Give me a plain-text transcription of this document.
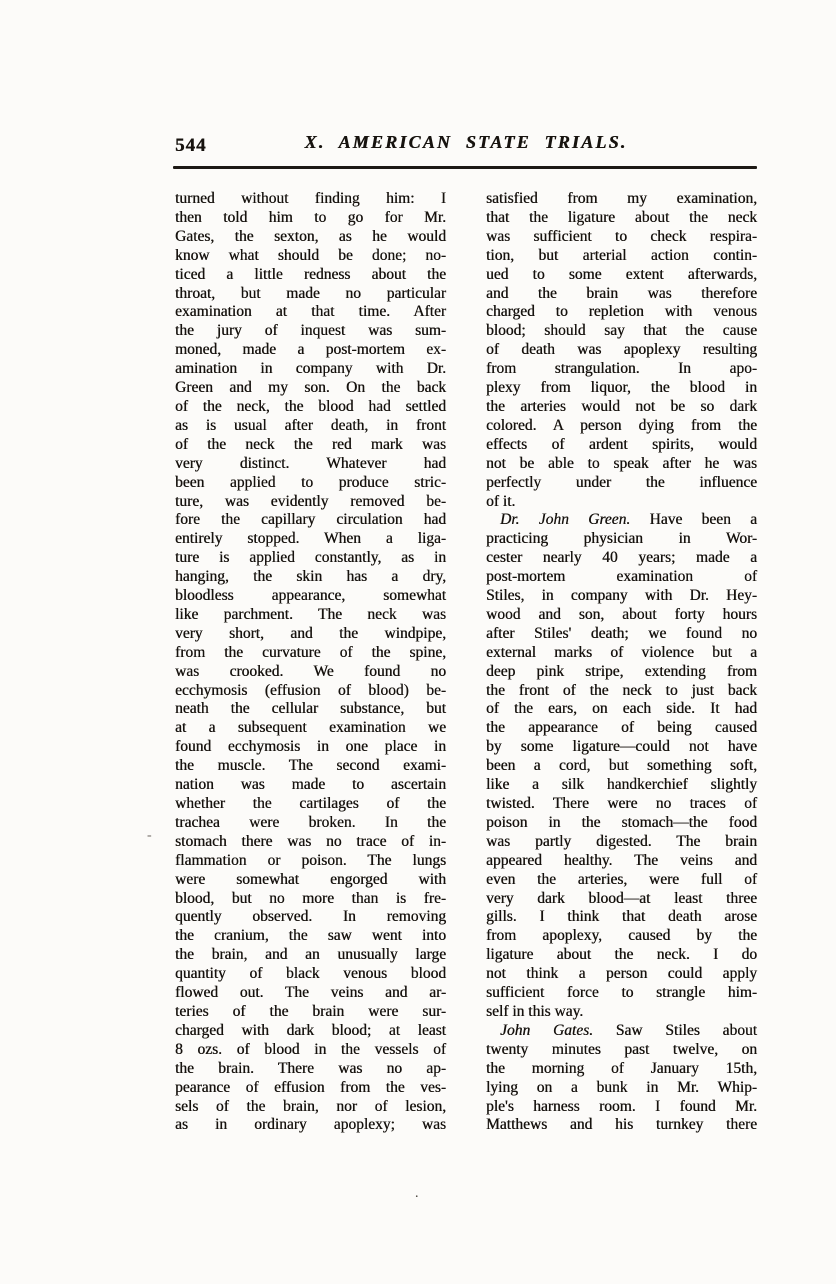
544	X. AMERICAN STATE TRIALS.
turned without finding him: I
then told him to go for Mr.
Gates, the sexton, as he would
know what should be done; no-
ticed a little redness about the
throat, but made no particular
examination at that time. After
the jury of inquest was sum-
moned, made a post-mortem ex-
amination in company with Dr.
Green and my son. On the back
of the neck, the blood had settled
as is usual after death, in front
of the neck the red mark was
very distinct. Whatever had
been applied to produce stric-
ture, was evidently removed be-
fore the capillary circulation had
entirely stopped. When a liga-
ture is applied constantly, as in
hanging, the skin has a dry,
bloodless appearance, somewhat
like parchment. The neck was
very short, and the windpipe,
from the curvature of the spine,
was crooked. We found no
ecchymosis (effusion of blood) be-
neath the cellular substance, but
at a subsequent examination we
found ecchymosis in one place in
the muscle. The second exami-
nation was made to ascertain
whether the cartilages of the
trachea were broken. In the
stomach there was no trace of in-
flammation or poison. The lungs
were somewhat engorged with
blood, but no more than is fre-
quently observed. In removing
the cranium, the saw went into
the brain, and an unusually large
quantity of black venous blood
flowed out. The veins and ar-
teries of the brain were sur-
charged with dark blood; at least
8 ozs. of blood in the vessels of
the brain. There was no ap-
pearance of effusion from the ves-
sels of the brain, nor of lesion,
as in ordinary apoplexy; was
satisfied from my examination,
that the ligature about the neck
was sufficient to check respira-
tion, but arterial action contin-
ued to some extent afterwards,
and the brain was therefore
charged to repletion with venous
blood; should say that the cause
of death was apoplexy resulting
from strangulation. In apo-
plexy from liquor, the blood in
the arteries would not be so dark
colored. A person dying from the
effects of ardent spirits, would
not be able to speak after he was
perfectly under the influence
of it.
Dr. John Green. Have been a
practicing physician in Wor-
cester nearly 40 years; made a
post-mortem examination of
Stiles, in company with Dr. Hey-
wood and son, about forty hours
after Stiles' death; we found no
external marks of violence but a
deep pink stripe, extending from
the front of the neck to just back
of the ears, on each side. It had
the appearance of being caused
by some ligature—could not have
been a cord, but something soft,
like a silk handkerchief slightly
twisted. There were no traces of
poison in the stomach—the food
was partly digested. The brain
appeared healthy. The veins and
even the arteries, were full of
very dark blood—at least three
gills. I think that death arose
from apoplexy, caused by the
ligature about the neck. I do
not think a person could apply
sufficient force to strangle him-
self in this way.
John Gates. Saw Stiles about
twenty minutes past twelve, on
the morning of January 15th,
lying on a bunk in Mr. Whip-
ple's harness room. I found Mr.
Matthews and his turnkey there
-
.
